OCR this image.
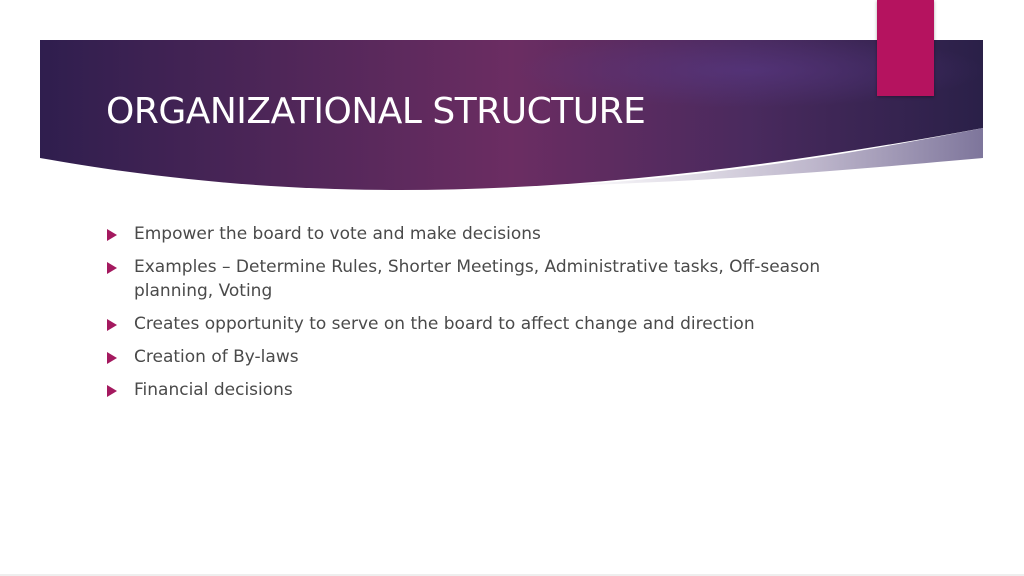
ORGANIZATIONAL STRUCTURE
Empower the board to vote and make decisions
Examples – Determine Rules, Shorter Meetings, Administrative tasks, Off-season planning, Voting
Creates opportunity to serve on the board to affect change and direction
Creation of By-laws
Financial decisions
